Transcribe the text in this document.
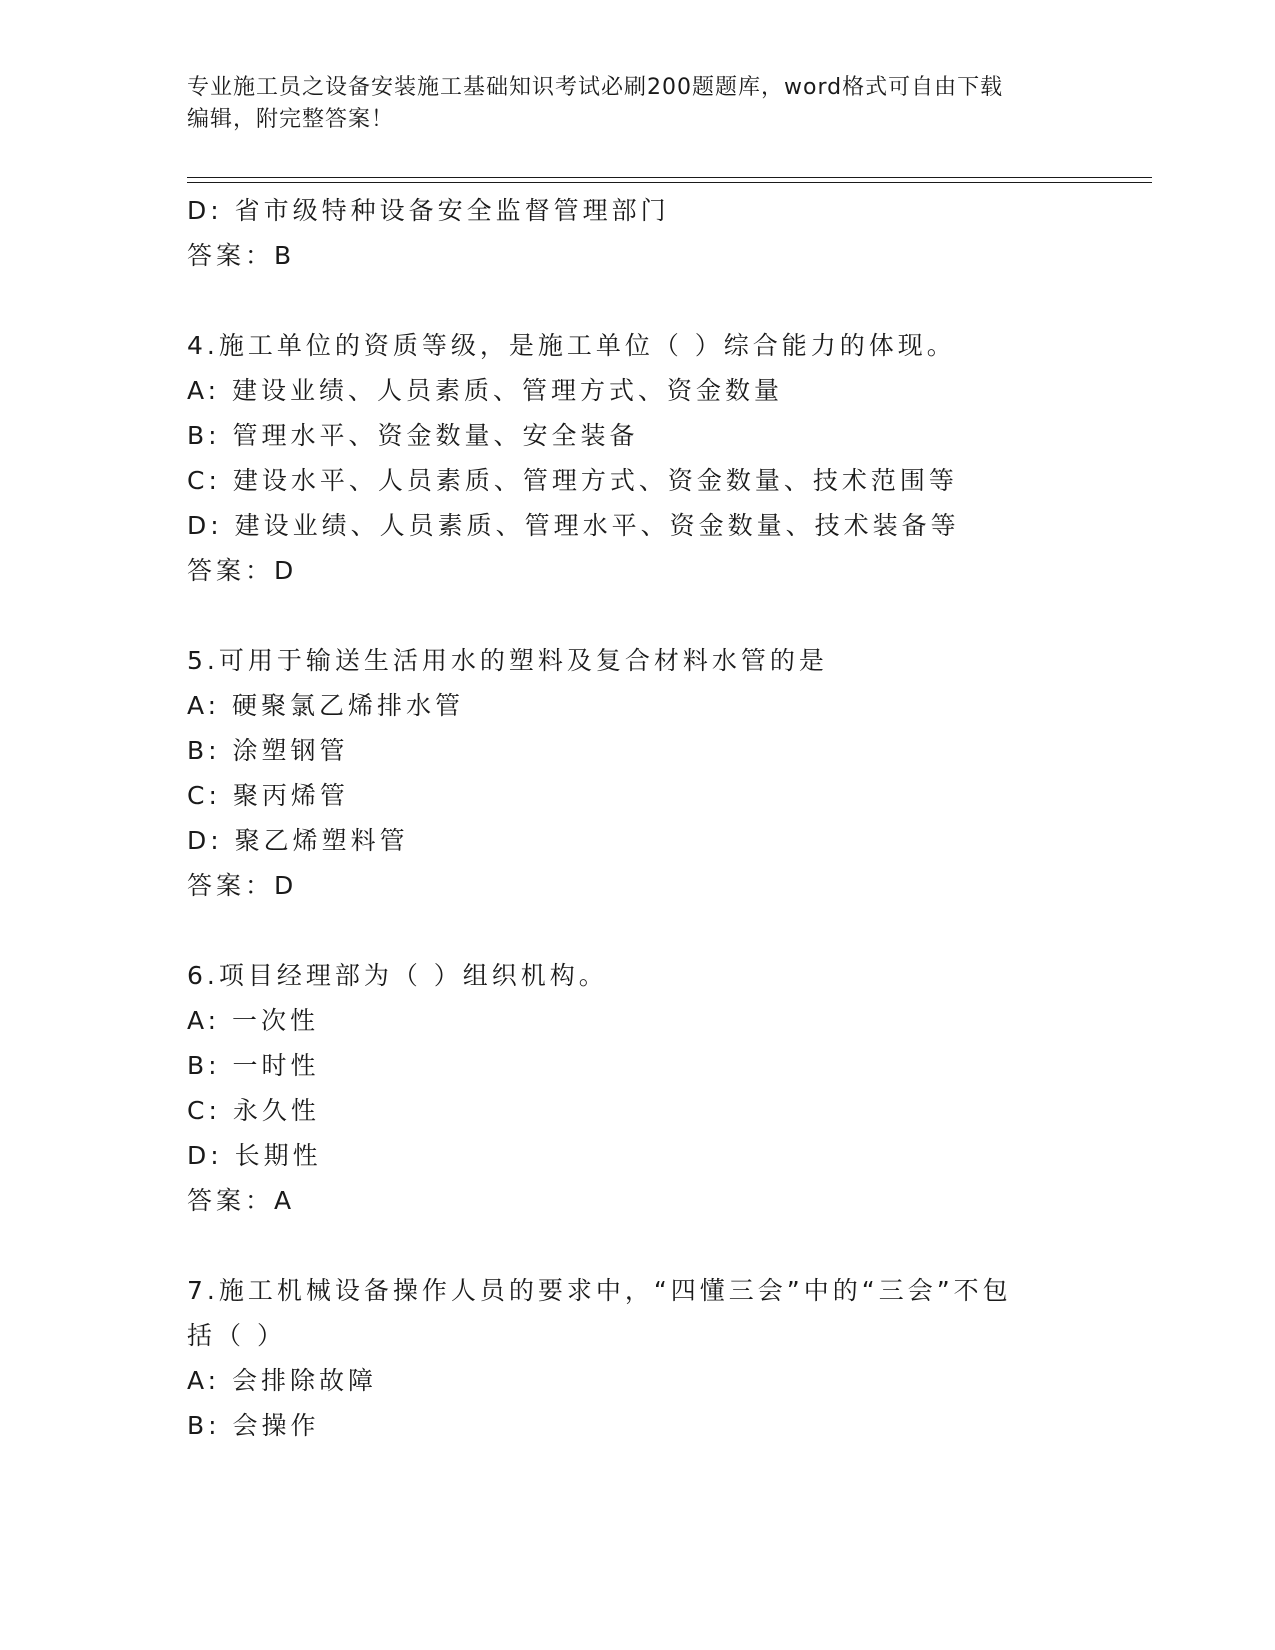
专业施工员之设备安装施工基础知识考试必刷200题题库，word格式可自由下载
编辑，附完整答案！
D: 省市级特种设备安全监督管理部门
答案：B
4.施工单位的资质等级，是施工单位（ ）综合能力的体现。
A: 建设业绩、人员素质、管理方式、资金数量
B: 管理水平、资金数量、安全装备
C: 建设水平、人员素质、管理方式、资金数量、技术范围等
D: 建设业绩、人员素质、管理水平、资金数量、技术装备等
答案：D
5.可用于输送生活用水的塑料及复合材料水管的是
A: 硬聚氯乙烯排水管
B: 涂塑钢管
C: 聚丙烯管
D: 聚乙烯塑料管
答案：D
6.项目经理部为（ ）组织机构。
A: 一次性
B: 一时性
C: 永久性
D: 长期性
答案：A
7.施工机械设备操作人员的要求中，“四懂三会”中的“三会”不包
括（ ）
A: 会排除故障
B: 会操作
